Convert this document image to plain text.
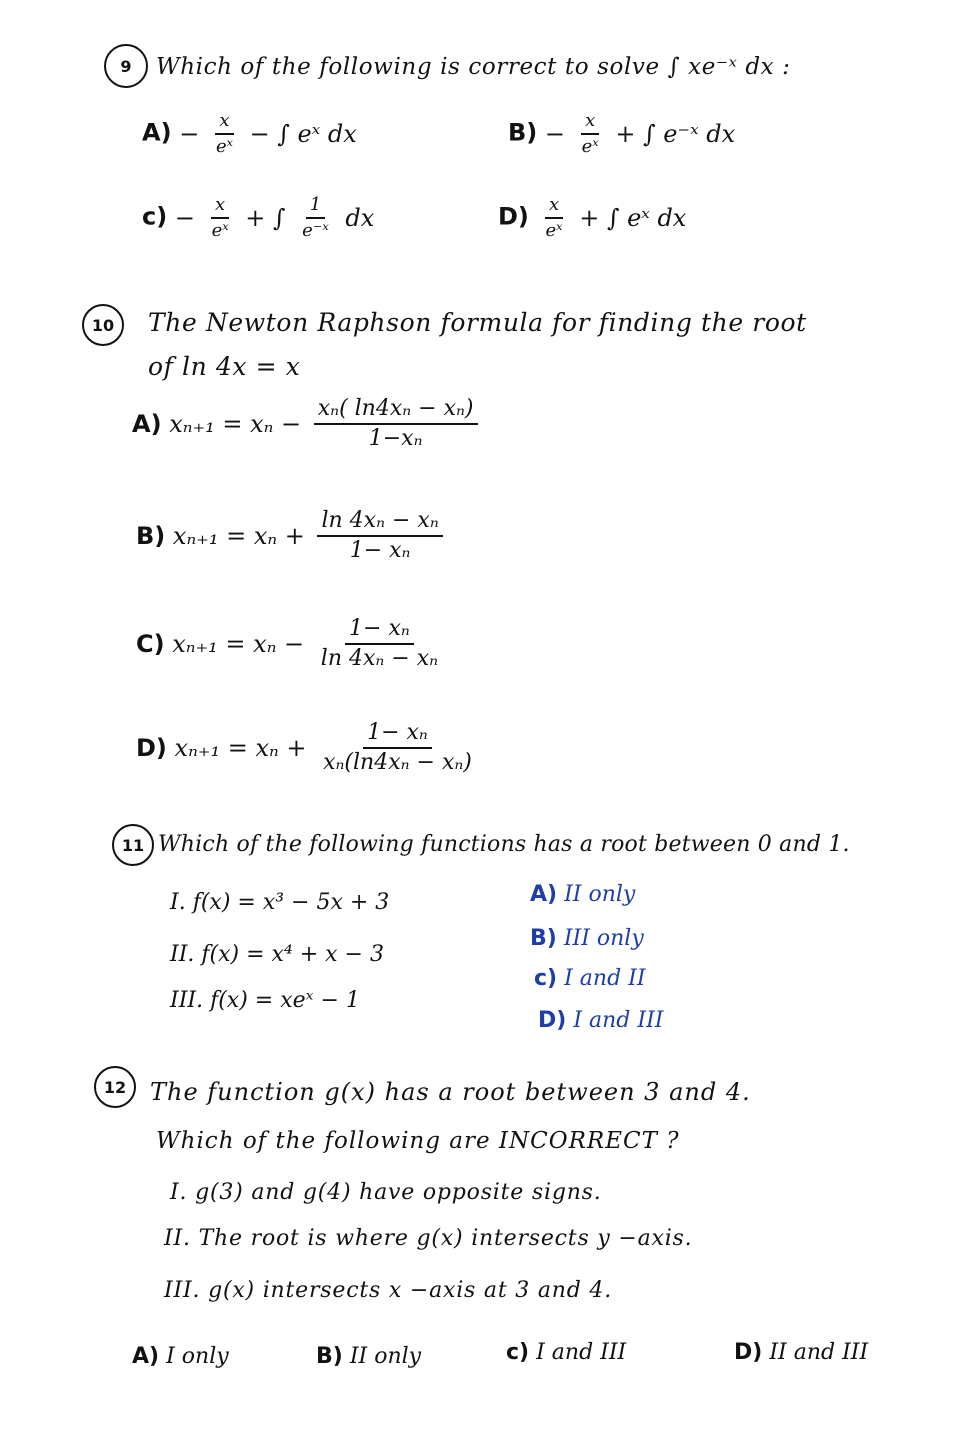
9 Which of the following is correct to solve ∫ xe⁻ˣ dx :
$A) - \frac{x}{\text{eˣ}}$ − ∫ eˣ dx	$B) - \frac{x}{\text{eˣ}}$ + ∫ e⁻ˣ dx
$c) - \frac{x}{\text{eˣ}}$ + ∫ $\frac{1}{\text{e⁻ˣ}}$ dx	$D) \frac{x}{\text{eˣ}}$ + ∫ eˣ dx
10 The Newton Raphson formula for finding the root
of ln 4x = x
A) $x_{n+1} = x_n - \frac{\text{xₙ( ln4xₙ − xₙ)}}{\text{1−xₙ}}$
B) $x_{n+1} = x_n + \frac{\text{ln 4xₙ − xₙ}}{\text{1− xₙ}}$
C) $x_{n+1} = x_n - \frac{\text{1− xₙ}}{\text{ln 4xₙ − xₙ}}$
D) $x_{n+1} = x_n + \frac{\text{1− xₙ}}{\text{xₙ(ln4xₙ − xₙ)}}$
11 Which of the following functions has a root between 0 and 1.
I. f(x) = x³ − 5x + 3
II. f(x) = x⁴ + x − 3
III. f(x) = xeˣ − 1
A) II only
B) III only
c) I and II
D) I and III
12 The function g(x) has a root between 3 and 4.
Which of the following are INCORRECT ?
I. g(3) and g(4) have opposite signs.
II. The root is where g(x) intersects y −axis.
III. g(x) intersects x −axis at 3 and 4.
A) I only	B) II only	c) I and III	D) II and III
